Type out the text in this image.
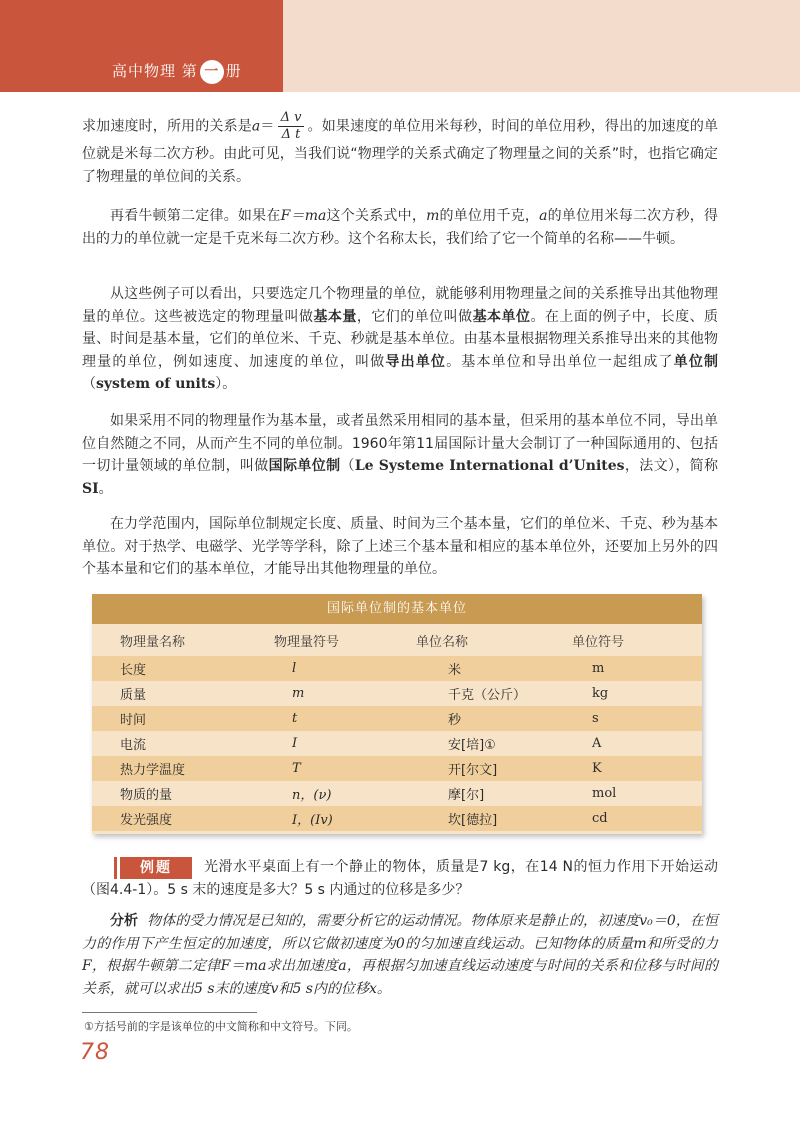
高中物理 第 一 册
求加速度时，所用的关系是$a= \frac{\text{Δ v}}{\text{Δ t}}$ 。如果速度的单位用米每秒，时间的单位用秒，得出的加速度的单位就是米每二次方秒。由此可见，当我们说“物理学的关系式确定了物理量之间的关系”时，也指它确定了物理量的单位间的关系。
再看牛顿第二定律。如果在F＝ma这个关系式中，m的单位用千克，a的单位用米每二次方秒，得出的力的单位就一定是千克米每二次方秒。这个名称太长，我们给了它一个简单的名称——牛顿。
从这些例子可以看出，只要选定几个物理量的单位，就能够利用物理量之间的关系推导出其他物理量的单位。这些被选定的物理量叫做基本量，它们的单位叫做基本单位。在上面的例子中，长度、质量、时间是基本量，它们的单位米、千克、秒就是基本单位。由基本量根据物理关系推导出来的其他物理量的单位，例如速度、加速度的单位，叫做导出单位。基本单位和导出单位一起组成了单位制（system of units）。
如果采用不同的物理量作为基本量，或者虽然采用相同的基本量，但采用的基本单位不同，导出单位自然随之不同，从而产生不同的单位制。1960年第11届国际计量大会制订了一种国际通用的、包括一切计量领域的单位制，叫做国际单位制（Le Systeme International d’Unites，法文），简称SI。
在力学范围内，国际单位制规定长度、质量、时间为三个基本量，它们的单位米、千克、秒为基本单位。对于热学、电磁学、光学等学科，除了上述三个基本量和相应的基本单位外，还要加上另外的四个基本量和它们的基本单位，才能导出其他物理量的单位。
国际单位制的基本单位
物理量名称	物理量符号	单位名称	单位符号
长度	l	米	m
质量	m	千克（公斤）	kg
时间	t	秒	s
电流	I	安[培]①	A
热力学温度	T	开[尔文]	K
物质的量	n，(ν)	摩[尔]	mol
发光强度	I，(Iv)	坎[德拉]	cd
例题	光滑水平桌面上有一个静止的物体，质量是7 kg，在14 N的恒力作用下开始运动（图4.4-1）。5 s 末的速度是多大？5 s 内通过的位移是多少？
分析 物体的受力情况是已知的，需要分析它的运动情况。物体原来是静止的，初速度v₀＝0，在恒力的作用下产生恒定的加速度，所以它做初速度为0的匀加速直线运动。已知物体的质量m和所受的力F，根据牛顿第二定律F＝ma求出加速度a，再根据匀加速直线运动速度与时间的关系和位移与时间的关系，就可以求出5 s末的速度v和5 s内的位移x。
①方括号前的字是该单位的中文简称和中文符号。下同。
78
